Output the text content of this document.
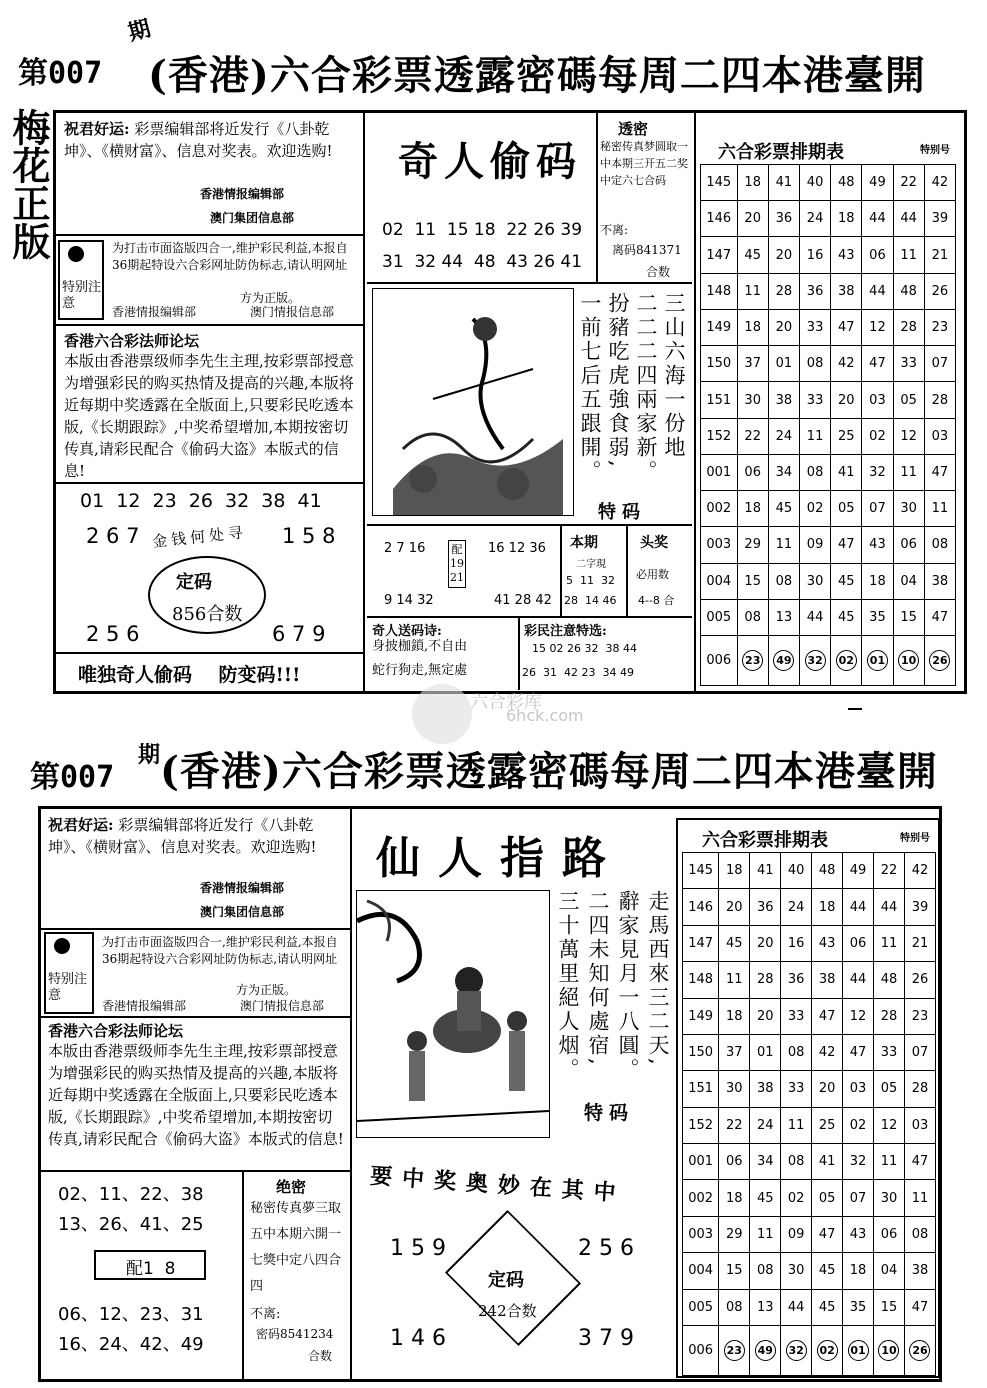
第007
期
(香港)六合彩票透露密碼每周二四本港臺開
梅花正版 祝君好运: 彩票编辑部将近发行《八卦乾坤》、《横财富》、信息对奖表。欢迎选购!
香港情报编辑部
澳门集团信息部
特别注意
为打击市面盗版四合一,维护彩民利益,本报自36期起特设六合彩网址防伪标志,请认明网址
方为正版。
香港情报编辑部	澳门情报信息部
香港六合彩法师论坛
本版由香港票级师李先生主理,按彩票部授意为增强彩民的购买热情及提高的兴趣,本版将近每期中奖透露在全版面上,只要彩民吃透本版,《长期跟踪》,中奖希望增加,本期按密切传真,请彩民配合《偷码大盗》本版式的信息!
01  12  23  26  32  38  41
2 6 7 金钱何处寻 1 5 8
定码
856合数
2 5 6	6 7 9
唯独奇人偷码    防变码!!!
奇人偷码
02  11  15 18  22 26 39
31  32 44  48  43 26 41
透密
秘密传真梦圆取一中本期三开五二奖中定六七合码
不离:
离码841371
合数
三山六海一份地
二二二四兩家新。
扮豬吃虎強食弱,
一前七后五跟開。
特码
2 7 16
9 14 32
配 19 21
16 12 36
41 28 42
本期
二字現
5  11  32
28  14 46
头奖
必用数
4--8 合
奇人送码诗:
身披枷鎖,不自由
蛇行狗走,無定處
彩民注意特选:
15 02 26 32  38 44
26  31  42 23  34 49
六合彩票排期表	特别号
145	18	41	40	48	49	22	42
146	20	36	24	18	44	44	39
147	45	20	16	43	06	11	21
148	11	28	36	38	44	48	26
149	18	20	33	47	12	28	23
150	37	01	08	42	47	33	07
151	30	38	33	20	03	05	28
152	22	24	11	25	02	12	03
001	06	34	08	41	32	11	47
002	18	45	02	05	07	30	11
003	29	11	09	47	43	06	08
004	15	08	30	45	18	04	38
005	08	13	44	45	35	15	47
006	23	49	32	02	01	10	26
六合彩库
6hck.com
第007
期 (香港)六合彩票透露密碼每周二四本港臺開
祝君好运: 彩票编辑部将近发行《八卦乾坤》、《横财富》、信息对奖表。欢迎选购!
香港情报编辑部
澳门集团信息部
特别注意
为打击市面盗版四合一,维护彩民利益,本报自36期起特设六合彩网址防伪标志,请认明网址
方为正版。
香港情报编辑部	澳门情报信息部
香港六合彩法师论坛
本版由香港票级师李先生主理,按彩票部授意为增强彩民的购买热情及提高的兴趣,本版将近每期中奖透露在全版面上,只要彩民吃透本版,《长期跟踪》,中奖希望增加,本期按密切传真,请彩民配合《偷码大盗》本版式的信息!
02、11、22、38
13、26、41、25
配1  8
06、12、23、31
16、24、42、49
绝密
秘密传真夢三取五中本期六開一七獎中定八四合四
不离:
密码8541234
合数
仙人指路
走馬西來三二天,
辭家見月一八圓。
二四未知何處宿,
三十萬里絕人烟。
特码
要中奖奥妙在其中
1 5 9	2 5 6
定码
242合数
1 4 6	3 7 9
六合彩票排期表	特别号
145	18	41	40	48	49	22	42
146	20	36	24	18	44	44	39
147	45	20	16	43	06	11	21
148	11	28	36	38	44	48	26
149	18	20	33	47	12	28	23
150	37	01	08	42	47	33	07
151	30	38	33	20	03	05	28
152	22	24	11	25	02	12	03
001	06	34	08	41	32	11	47
002	18	45	02	05	07	30	11
003	29	11	09	47	43	06	08
004	15	08	30	45	18	04	38
005	08	13	44	45	35	15	47
006	23	49	32	02	01	10	26
